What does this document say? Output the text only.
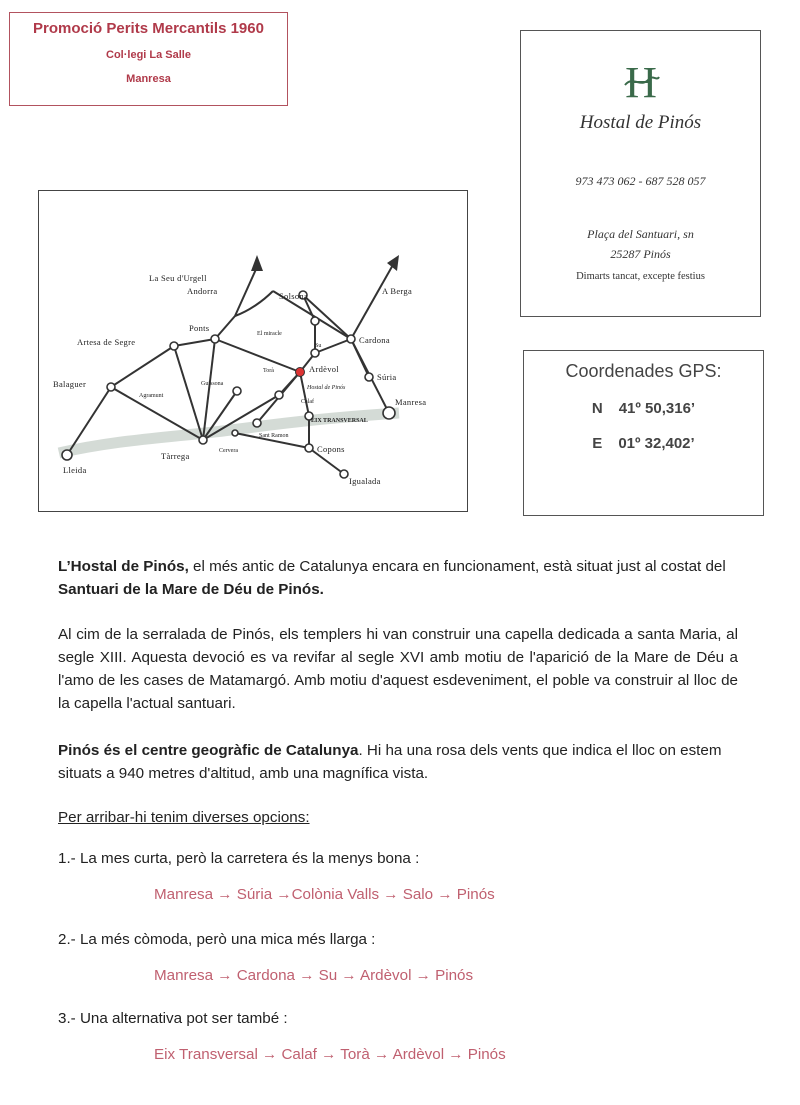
Promoció Perits Mercantils 1960
Col·legi La Salle
Manresa	H
Hostal de Pinós
973 473 062 - 687 528 057
Plaça del Santuari, sn
25287 Pinós
Dimarts tancat, excepte festius
Coordenades GPS:
N 41º 50,316’
E 01º 32,402’
La Seu d'Urgell
Andorra	Solsona	A Berga
El miracle
Ponts
Artesa de Segre	Su
Cardona
Torà	Ardèvol
Hostal de Pinós
Súria
Balaguer	Guissona
Agramunt
Calaf
EIX TRANSVERSAL
Manresa
Sant Ramon
Cervera
Tàrrega
Copons
Lleida
Igualada
L’Hostal de Pinós, el més antic de Catalunya encara en funcionament, està situat just al costat del Santuari de la Mare de Déu de Pinós.
Al cim de la serralada de Pinós, els templers hi van construir una capella dedicada a santa Maria, al segle XIII. Aquesta devoció es va revifar al segle XVI amb motiu de l'aparició de la Mare de Déu a l'amo de les cases de Matamargó. Amb motiu d'aquest esdeveniment, el poble va construir al lloc de la capella l'actual santuari.
Pinós és el centre geogràfic de Catalunya. Hi ha una rosa dels vents que indica el lloc on estem situats a 940 metres d'altitud, amb una magnífica vista.
Per arribar-hi tenim diverses opcions:
1.- La mes curta, però la carretera és la menys bona :
Manresa → Súria →Colònia Valls → Salo → Pinós
2.- La més còmoda, però una mica més llarga :
Manresa → Cardona → Su → Ardèvol → Pinós
3.- Una alternativa pot ser també :
Eix Transversal → Calaf → Torà → Ardèvol → Pinós
